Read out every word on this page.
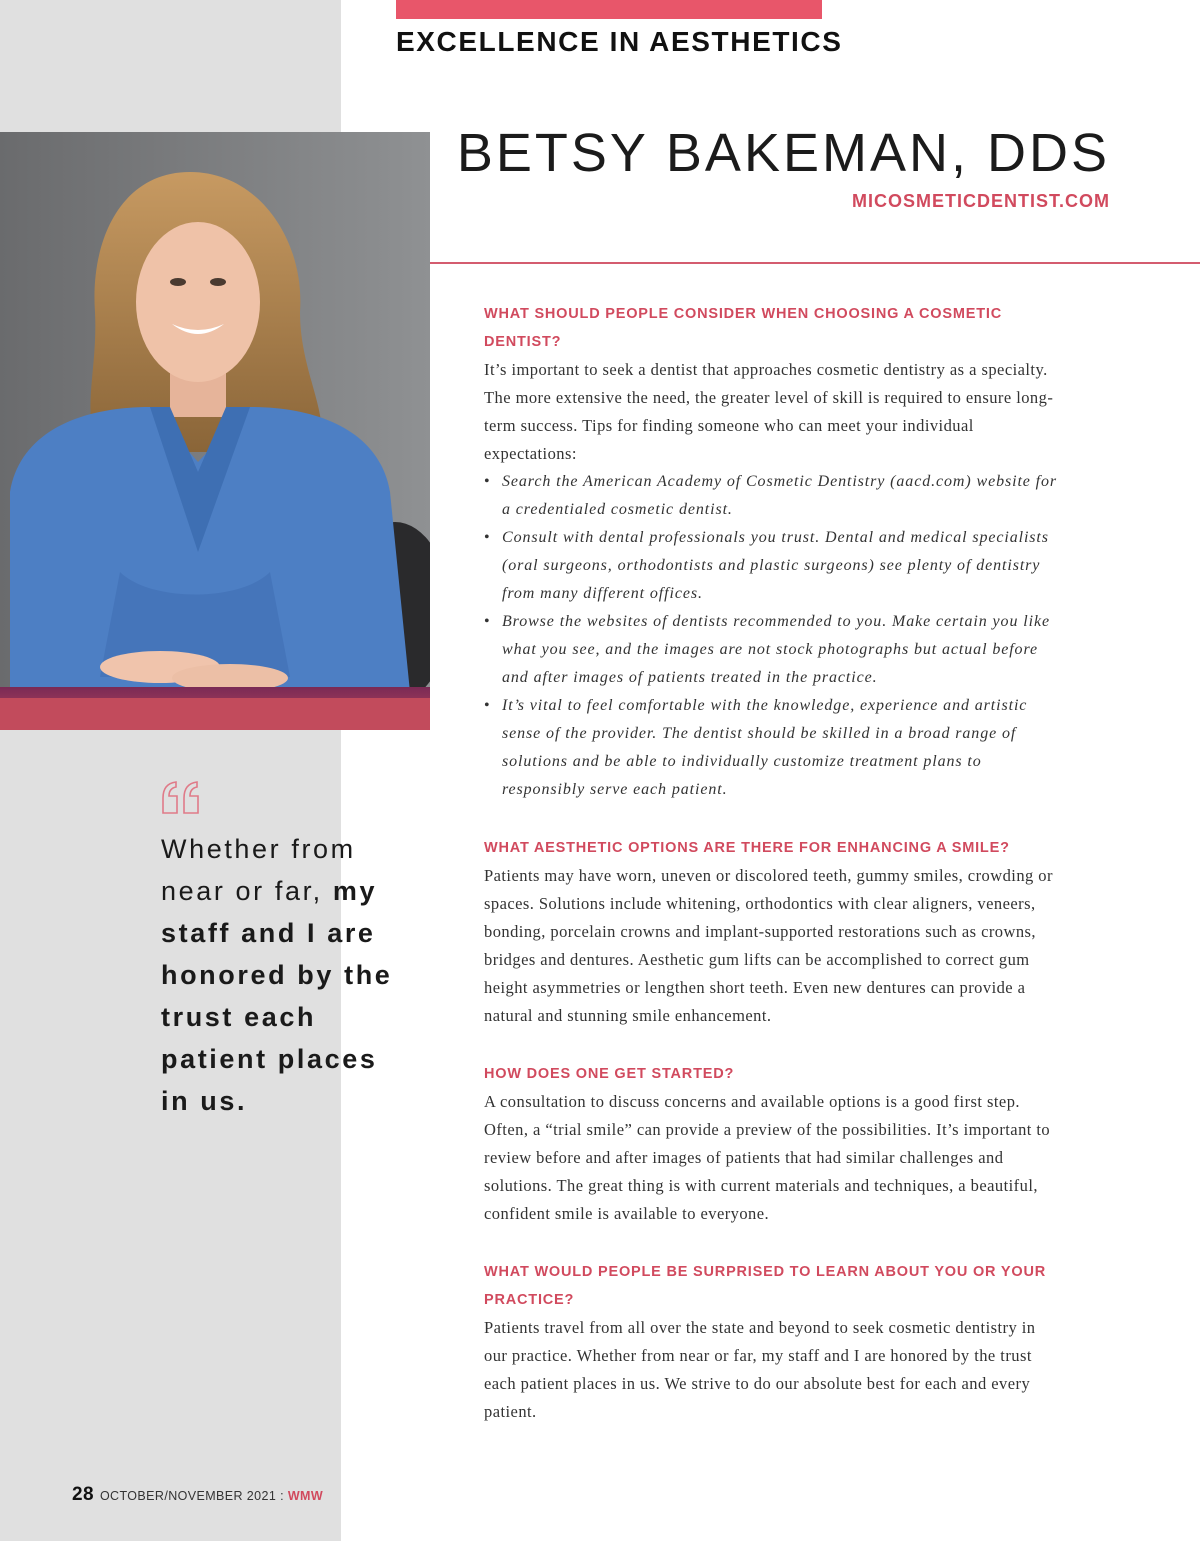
EXCELLENCE IN AESTHETICS
BETSY BAKEMAN, DDS
MICOSMETICDENTIST.COM

Whether from near or far, my staff and I are honored by the trust each patient places in us.

WHAT SHOULD PEOPLE CONSIDER WHEN CHOOSING A COSMETIC DENTIST?

It’s important to seek a dentist that approaches cosmetic dentistry as a specialty. The more extensive the need, the greater level of skill is required to ensure long-term success. Tips for finding someone who can meet your individual expectations:

• Search the American Academy of Cosmetic Dentistry (aacd.com) website for a credentialed cosmetic dentist.
• Consult with dental professionals you trust. Dental and medical specialists (oral surgeons, orthodontists and plastic surgeons) see plenty of dentistry from many different offices.
• Browse the websites of dentists recommended to you. Make certain you like what you see, and the images are not stock photographs but actual before and after images of patients treated in the practice.
• It’s vital to feel comfortable with the knowledge, experience and artistic sense of the provider. The dentist should be skilled in a broad range of solutions and be able to individually customize treatment plans to responsibly serve each patient.
WHAT AESTHETIC OPTIONS ARE THERE FOR ENHANCING A SMILE?

Patients may have worn, uneven or discolored teeth, gummy smiles, crowding or spaces. Solutions include whitening, orthodontics with clear aligners, veneers, bonding, porcelain crowns and implant-supported restorations such as crowns, bridges and dentures. Aesthetic gum lifts can be accomplished to correct gum height asymmetries or lengthen short teeth. Even new dentures can provide a natural and stunning smile enhancement.

HOW DOES ONE GET STARTED?

A consultation to discuss concerns and available options is a good first step. Often, a “trial smile” can provide a preview of the possibilities. It’s important to review before and after images of patients that had similar challenges and solutions. The great thing is with current materials and techniques, a beautiful, confident smile is available to everyone.

WHAT WOULD PEOPLE BE SURPRISED TO LEARN ABOUT YOU OR YOUR PRACTICE?

Patients travel from all over the state and beyond to seek cosmetic dentistry in our practice. Whether from near or far, my staff and I are honored by the trust each patient places in us. We strive to do our absolute best for each and every patient.

28 OCTOBER/NOVEMBER 2021 : WMW
